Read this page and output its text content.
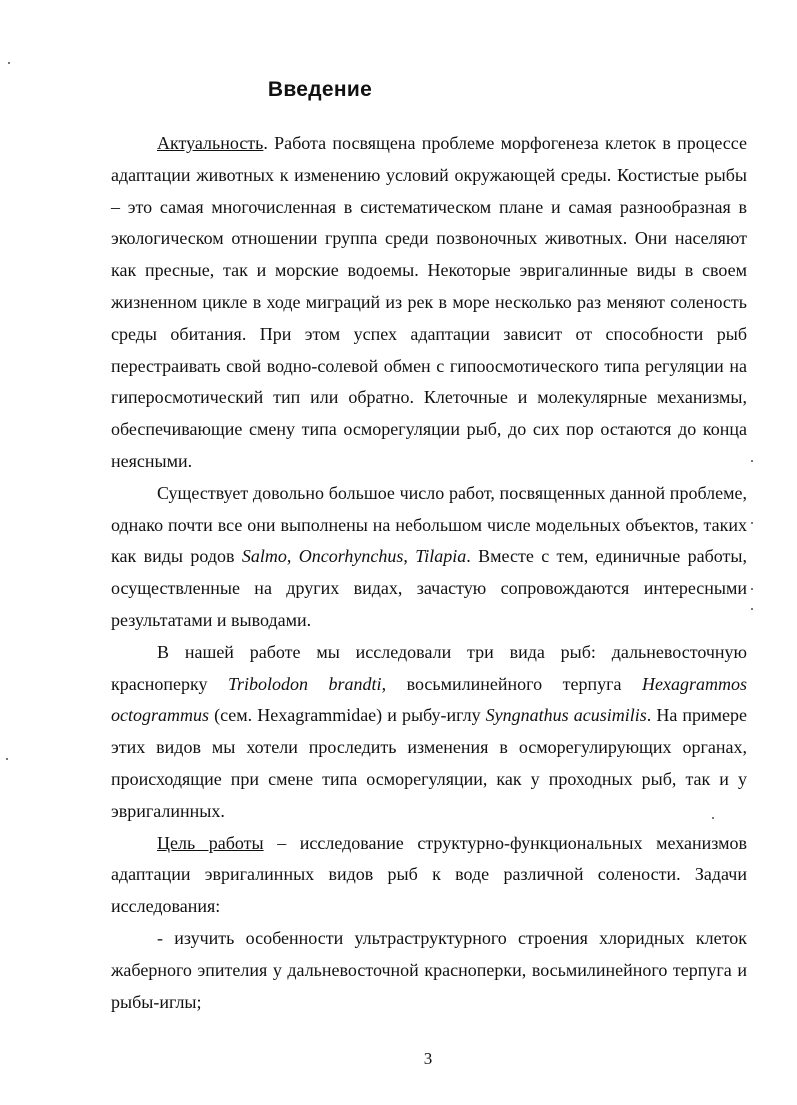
Введение

Актуальность. Работа посвящена проблеме морфогенеза клеток в процессе адаптации животных к изменению условий окружающей среды. Костистые рыбы – это самая многочисленная в систематическом плане и самая разнообразная в экологическом отношении группа среди позвоночных животных. Они населяют как пресные, так и морские водоемы. Некоторые эвригалинные виды в своем жизненном цикле в ходе миграций из рек в море несколько раз меняют соленость среды обитания. При этом успех адаптации зависит от способности рыб перестраивать свой водно-солевой обмен с гипоосмотического типа регуляции на гиперосмотический тип или обратно. Клеточные и молекулярные механизмы, обеспечивающие смену типа осморегуляции рыб, до сих пор остаются до конца неясными.

Существует довольно большое число работ, посвященных данной проблеме, однако почти все они выполнены на небольшом числе модельных объектов, таких как виды родов Salmo, Oncorhynchus, Tilapia. Вместе с тем, единичные работы, осуществленные на других видах, зачастую сопровождаются интересными результатами и выводами.

В нашей работе мы исследовали три вида рыб: дальневосточную красноперку Tribolodon brandti, восьмилинейного терпуга Hexagrammos octogrammus (сем. Hexagrammidae) и рыбу-иглу Syngnathus acusimilis. На примере этих видов мы хотели проследить изменения в осморегулирующих органах, происходящие при смене типа осморегуляции, как у проходных рыб, так и у эвригалинных.

Цель работы – исследование структурно-функциональных механизмов адаптации эвригалинных видов рыб к воде различной солености. Задачи исследования:

- изучить особенности ультраструктурного строения хлоридных клеток жаберного эпителия у дальневосточной красноперки, восьмилинейного терпуга и рыбы-иглы;

3
